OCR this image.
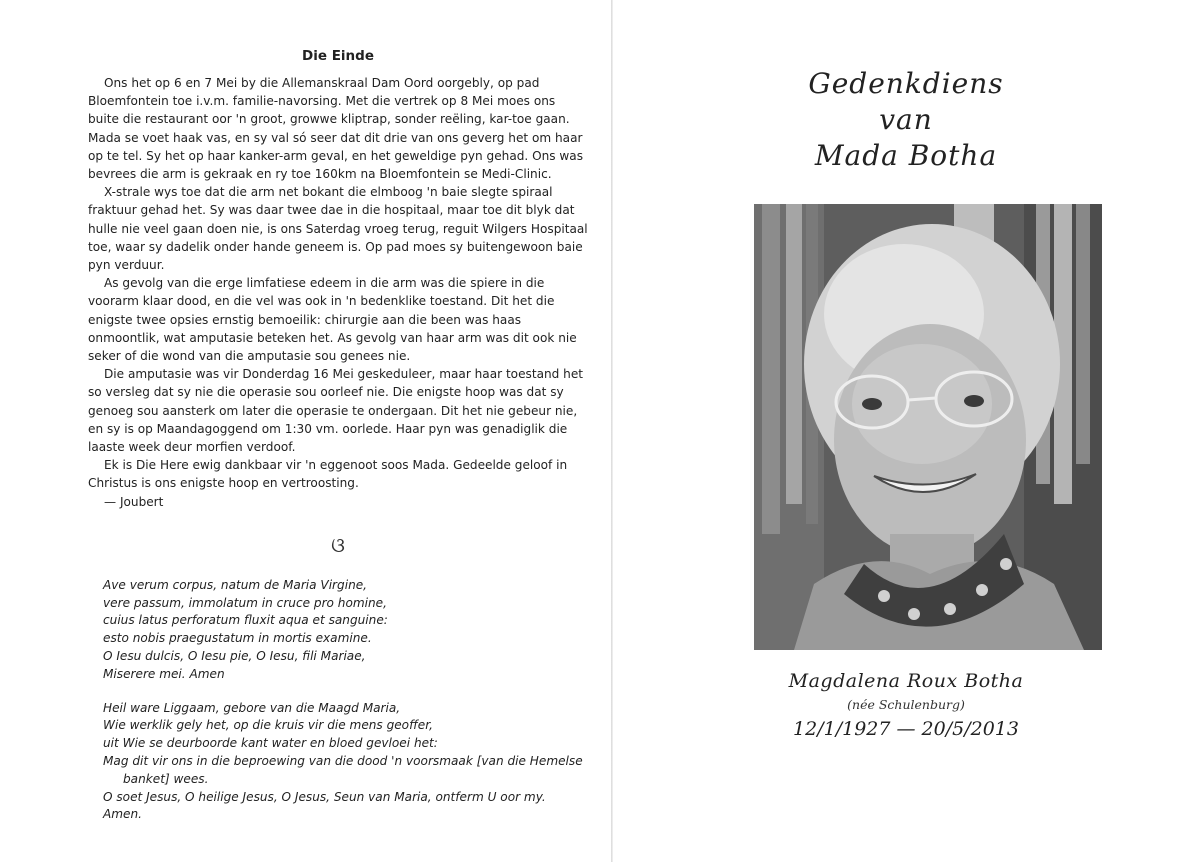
Die Einde

Ons het op 6 en 7 Mei by die Allemanskraal Dam Oord oorgebly, op pad Bloemfontein toe i.v.m. familie-navorsing. Met die vertrek op 8 Mei moes ons buite die restaurant oor 'n groot, growwe kliptrap, sonder reëling, kar-toe gaan. Mada se voet haak vas, en sy val só seer dat dit drie van ons geverg het om haar op te tel. Sy het op haar kanker-arm geval, en het geweldige pyn gehad. Ons was bevrees die arm is gekraak en ry toe 160km na Bloemfontein se Medi-Clinic.

X-strale wys toe dat die arm net bokant die elmboog 'n baie slegte spiraal fraktuur gehad het. Sy was daar twee dae in die hospitaal, maar toe dit blyk dat hulle nie veel gaan doen nie, is ons Saterdag vroeg terug, reguit Wilgers Hospitaal toe, waar sy dadelik onder hande geneem is. Op pad moes sy buitengewoon baie pyn verduur.

As gevolg van die erge limfatiese edeem in die arm was die spiere in die voorarm klaar dood, en die vel was ook in 'n bedenklike toestand. Dit het die enigste twee opsies ernstig bemoeilik: chirurgie aan die been was haas onmoontlik, wat amputasie beteken het. As gevolg van haar arm was dit ook nie seker of die wond van die amputasie sou genees nie.

Die amputasie was vir Donderdag 16 Mei geskeduleer, maar haar toestand het so versleg dat sy nie die operasie sou oorleef nie. Die enigste hoop was dat sy genoeg sou aansterk om later die operasie te ondergaan. Dit het nie gebeur nie, en sy is op Maandagoggend om 1:30 vm. oorlede. Haar pyn was genadiglik die laaste week deur morfien verdoof.

Ek is Die Here ewig dankbaar vir 'n eggenoot soos Mada. Gedeelde geloof in Christus is ons enigste hoop en vertroosting.

— Joubert

ଓ
Ave verum corpus, natum de Maria Virgine,
vere passum, immolatum in cruce pro homine,
cuius latus perforatum fluxit aqua et sanguine:
esto nobis praegustatum in mortis examine.
O Iesu dulcis, O Iesu pie, O Iesu, fili Mariae,
Miserere mei. Amen
Heil ware Liggaam, gebore van die Maagd Maria,
Wie werklik gely het, op die kruis vir die mens geoffer,
uit Wie se deurboorde kant water en bloed gevloei het:
Mag dit vir ons in die beproewing van die dood 'n voorsmaak [van die Hemelse
banket] wees.
O soet Jesus, O heilige Jesus, O Jesus, Seun van Maria, ontferm U oor my. Amen.
Gedenkdiens
van
Mada Botha
Magdalena Roux Botha
(née Schulenburg)
12/1/1927 — 20/5/2013
